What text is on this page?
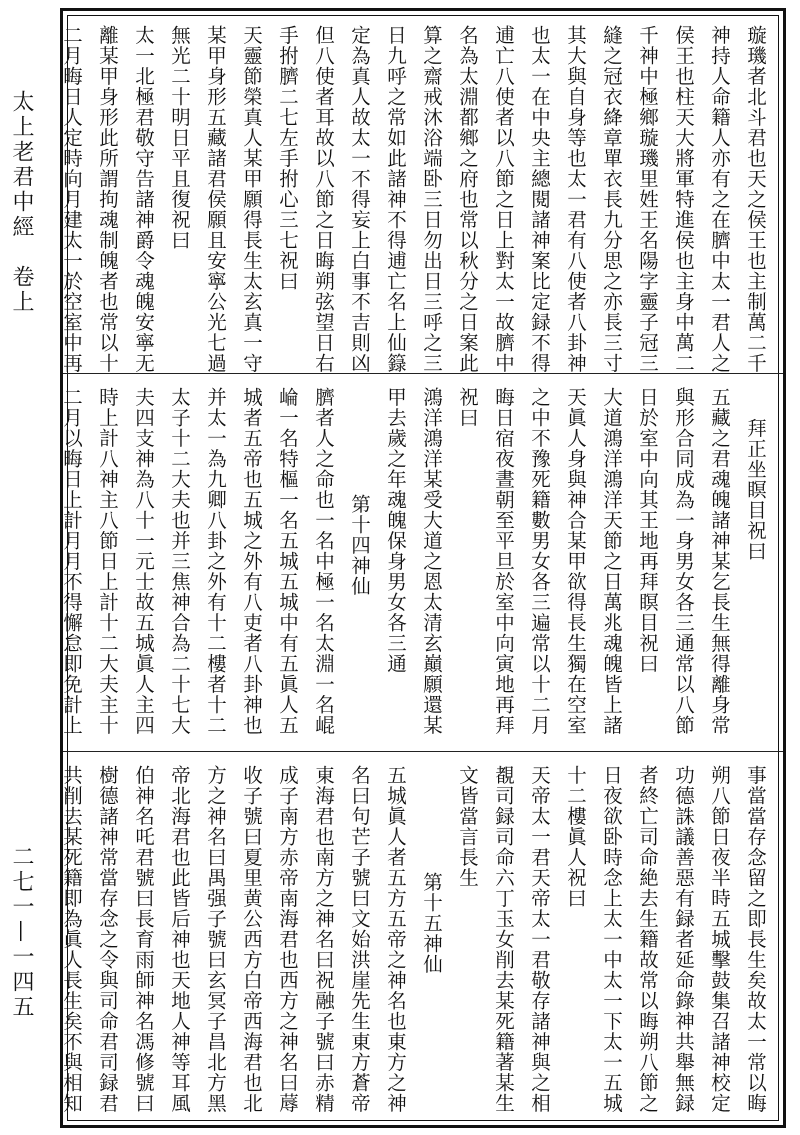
太上老君中經　卷上
二七一—一四五
璇璣者北斗君也天之侯王也主制萬二千
神持人命籍人亦有之在臍中太一君人之
侯王也柱天大將軍特進侯也主身中萬二
千神中極鄉璇璣里姓王名陽字靈子冠三
縫之冠衣絳章單衣長九分思之亦長三寸
其大與自身等也太一君有八使者八卦神
也太一在中央主總閱諸神案比定録不得
逋亡八使者以八節之日上對太一故臍中
名為太淵都鄉之府也常以秋分之日案此
算之齋戒沐浴端卧三日勿出日三呼之三
日九呼之常如此諸神不得逋亡名上仙籙
定為真人故太一不得妄上白事不吉則凶
但八使者耳故以八節之日晦朔弦望日右
手拊臍二七左手拊心三七祝曰
天靈節榮真人某甲願得長生太玄真一守
某甲身形五藏諸君侯願且安寧公光七過
無光二十明日平且復祝曰
太一北極君敬守告諸神爵令魂魄安寧无
離某甲身形此所謂拘魂制魄者也常以十
二月晦日人定時向月建太一於空室中再
拜正坐瞑目祝曰
五藏之君魂魄諸神某乞長生無得離身常
與形合同成為一身男女各三通常以八節
日於室中向其王地再拜瞑目祝曰
大道鴻洋鴻洋天節之日萬兆魂魄皆上諸
天眞人身與神合某甲欲得長生獨在空室
之中不豫死籍數男女各三遍常以十二月
晦日宿夜晝朝至平旦於室中向寅地再拜
祝曰
鴻洋鴻洋某受大道之恩太清玄巔願還某
甲去歲之年魂魄保身男女各三通
第十四神仙
臍者人之命也一名中極一名太淵一名崐
崘一名特樞一名五城五城中有五眞人五
城者五帝也五城之外有八吏者八卦神也
并太一為九卿八卦之外有十二樓者十二
太子十二大夫也并三焦神合為二十七大
夫四支神為八十一元士故五城眞人主四
時上計八神主八節日上計十二大夫主十
二月以晦日上計月月不得懈怠即免計上
事當當存念留之即長生矣故太一常以晦
朔八節日夜半時五城擊鼓集召諸神校定
功德誅議善惡有録者延命錄神共舉無録
者終亡司命絶去生籍故常以晦朔八節之
日夜欲卧時念上太一中太一下太一五城
十二樓眞人祝曰
天帝太一君天帝太一君敬存諸神與之相
覩司録司命六丁玉女削去某死籍著某生
文皆當言長生
第十五神仙
五城眞人者五方五帝之神名也東方之神
名曰句芒子號曰文始洪崖先生東方蒼帝
東海君也南方之神名曰祝融子號曰赤精
成子南方赤帝南海君也西方之神名曰蓐
收子號曰夏里黄公西方白帝西海君也北
方之神名曰禺强子號曰玄冥子昌北方黑
帝北海君也此皆后神也天地人神等耳風
伯神名吒君號曰長育雨師神名馮修號曰
樹德諸神常當存念之令與司命君司録君
共削去某死籍即為眞人長生矣不與相知
